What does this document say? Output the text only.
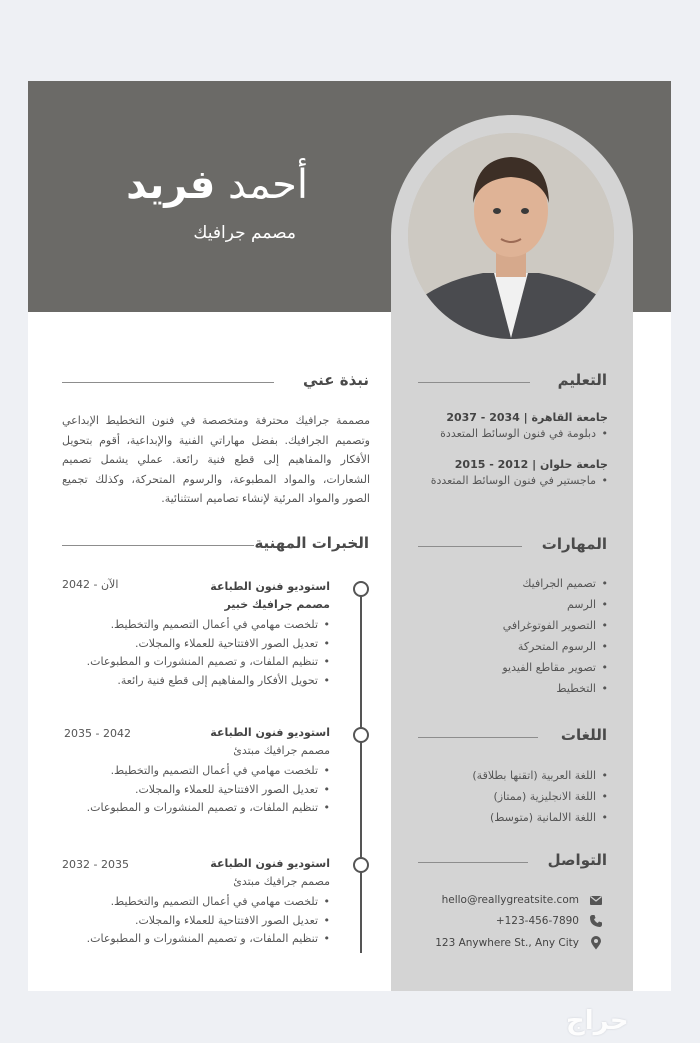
أحمد فريد
مصمم جرافيك
التعليم
جامعة القاهرة | 2034 - 2037
• دبلومة في فنون الوسائط المتعددة
جامعة حلوان | 2012 - 2015
• ماجستير في فنون الوسائط المتعددة
المهارات
• تصميم الجرافيك
• الرسم
• التصوير الفوتوغرافي
• الرسوم المتحركة
• تصوير مقاطع الفيديو
• التخطيط
اللغات
• اللغة العربية (اتقنها بطلاقة)
• اللغة الانجليزية (ممتاز)
• اللغة الالمانية (متوسط)
التواصل
hello@reallygreatsite.com
+123-456-7890
123 Anywhere St., Any City
نبذة عني
مصممة جرافيك محترفة ومتخصصة في فنون التخطيط الإبداعي وتصميم الجرافيك. بفضل مهاراتي الفنية والإبداعية، أقوم بتحويل الأفكار والمفاهيم إلى قطع فنية رائعة. عملي يشمل تصميم الشعارات، والمواد المطبوعة، والرسوم المتحركة، وكذلك تجميع الصور والمواد المرئية لإنشاء تصاميم استثنائية.
الخبرات المهنية
استوديو فنون الطباعة
مصمم جرافيك خبير
• تلخصت مهامي في أعمال التصميم والتخطيط.
• تعديل الصور الافتتاحية للعملاء والمجلات.
• تنظيم الملفات، و تصميم المنشورات و المطبوعات.
• تحويل الأفكار والمفاهيم إلى قطع فنية رائعة.
2042 - الآن
استوديو فنون الطباعة
مصمم جرافيك مبتدئ
• تلخصت مهامي في أعمال التصميم والتخطيط.
• تعديل الصور الافتتاحية للعملاء والمجلات.
• تنظيم الملفات، و تصميم المنشورات و المطبوعات.
2035 - 2042
استوديو فنون الطباعة
مصمم جرافيك مبتدئ
• تلخصت مهامي في أعمال التصميم والتخطيط.
• تعديل الصور الافتتاحية للعملاء والمجلات.
• تنظيم الملفات، و تصميم المنشورات و المطبوعات.
2032 - 2035
حراج
